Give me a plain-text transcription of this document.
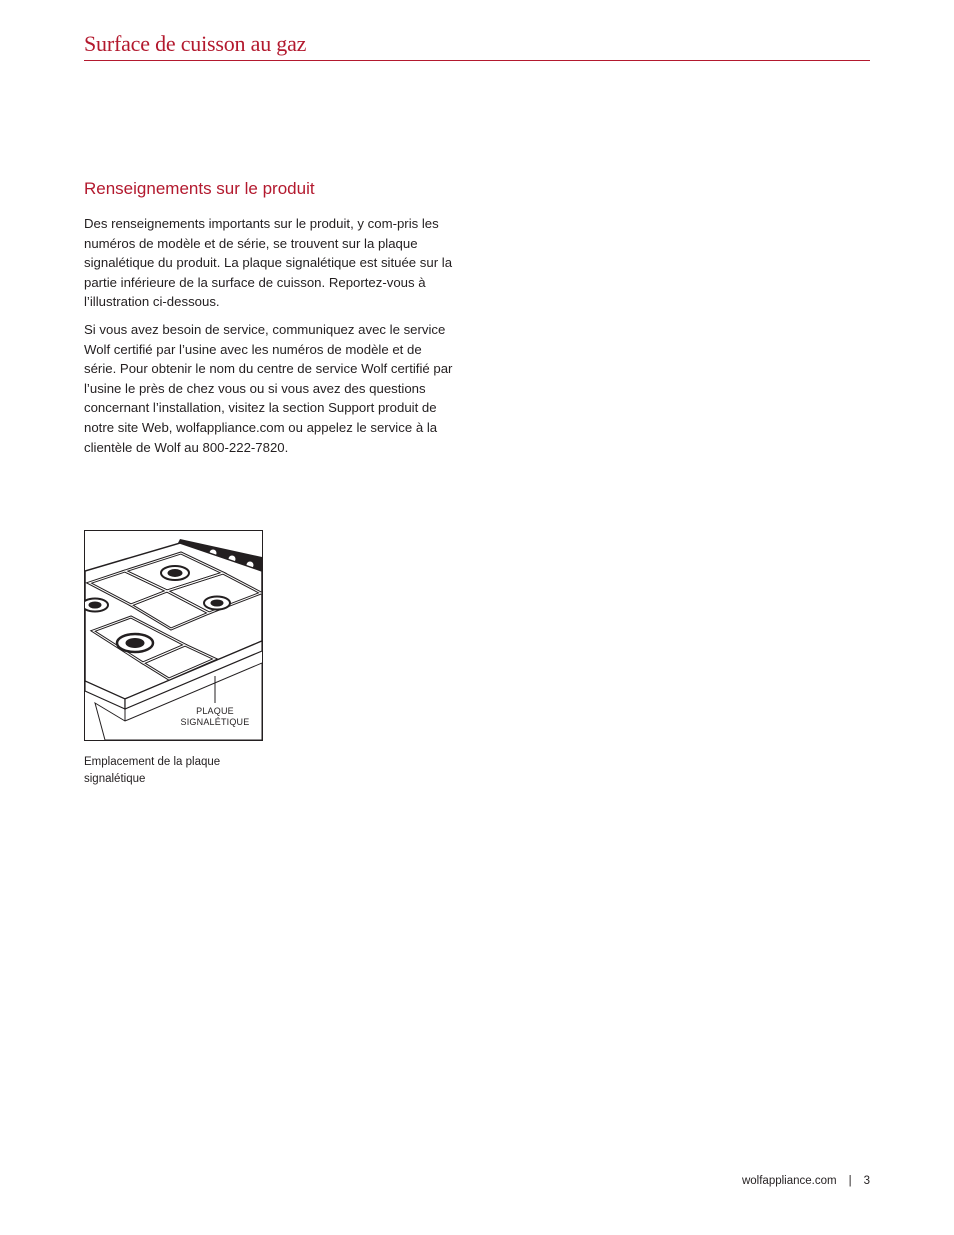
Surface de cuisson au gaz
Renseignements sur le produit

Des renseignements importants sur le produit, y com-pris les numéros de modèle et de série, se trouvent sur la plaque signalétique du produit. La plaque signalétique est située sur la partie inférieure de la surface de cuisson. Reportez-vous à l’illustration ci-dessous.

Si vous avez besoin de service, communiquez avec le service Wolf certifié par l’usine avec les numéros de modèle et de série. Pour obtenir le nom du centre de service Wolf certifié par l’usine le près de chez vous ou si vous avez des questions concernant l’installation, visitez la section Support produit de notre site Web, wolfappliance.com ou appelez le service à la clientèle de Wolf au 800-222-7820.

PLAQUE
SIGNALÉTIQUE

Emplacement de la plaque signalétique

wolfappliance.com | 3
